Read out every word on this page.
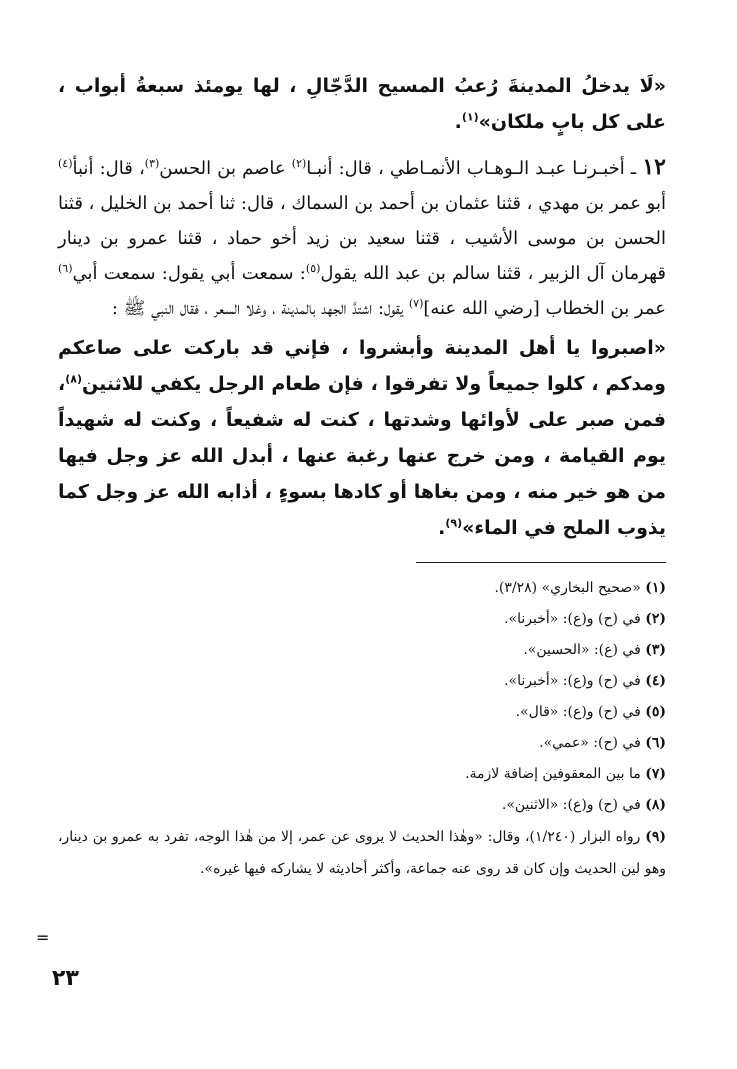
«لَا يدخلُ المدينةَ رُعبُ المسيح الدَّجّالِ ، لها يومئذ سبعةُ أبواب ، على كل بابٍ ملكان»$^{(١)}$.

١٢ ـ أخبـرنـا عبـد الـوهـاب الأنمـاطي ، قال: أنبـا$^{(٢)}$ عاصم بن الحسن$^{(٣)}$، قال: أنبأ$^{(٤)}$ أبو عمر بن مهدي ، قثنا عثمان بن أحمد بن السماك ، قال: ثنا أحمد بن الخليل ، قثنا الحسن بن موسى الأشيب ، قثنا سعيد بن زيد أخو حماد ، قثنا عمرو بن دينار قهرمان آل الزبير ، قثنا سالم بن عبد الله يقول$^{(٥)}$: سمعت أبي يقول: سمعت أبي$^{(٦)}$ عمر بن الخطاب [رضي الله عنه]$^{(٧)}$ يقول: اشتدَّ الجهد بالمدينة ، وغلا السعر ، فقال النبي ﷺ :

«اصبروا يا أهل المدينة وأبشروا ، فإني قد باركت على صاعكم ومدكم ، كلوا جميعاً ولا تفرقوا ، فإن طعام الرجل يكفي للاثنين$^{(٨)}$، فمن صبر على لأوائها وشدتها ، كنت له شفيعاً ، وكنت له شهيداً يوم القيامة ، ومن خرج عنها رغبة عنها ، أبدل الله عز وجل فيها من هو خير منه ، ومن بغاها أو كادها بسوءٍ ، أذابه الله عز وجل كما يذوب الملح في الماء»$^{(٩)}$.

(١) «صحيح البخاري» (٣/٢٨).
(٢) في (ح) و(ع): «أخبرنا».
(٣) في (ع): «الحسين».
(٤) في (ح) و(ع): «أخبرنا».
(٥) في (ح) و(ع): «قال».
(٦) في (ح): «عمي».
(٧) ما بين المعقوفين إضافة لازمة.
(٨) في (ح) و(ع): «الاثنين».
(٩) رواه البزار (١/٢٤٠)، وقال: «وهٰذا الحديث لا يروى عن عمر، إلا من هٰذا الوجه، تفرد به عمرو بن دينار، وهو لين الحديث وإن كان قد روى عنه جماعة، وأكثر أحاديثه لا يشاركه فيها غيره».
=
٢٣
